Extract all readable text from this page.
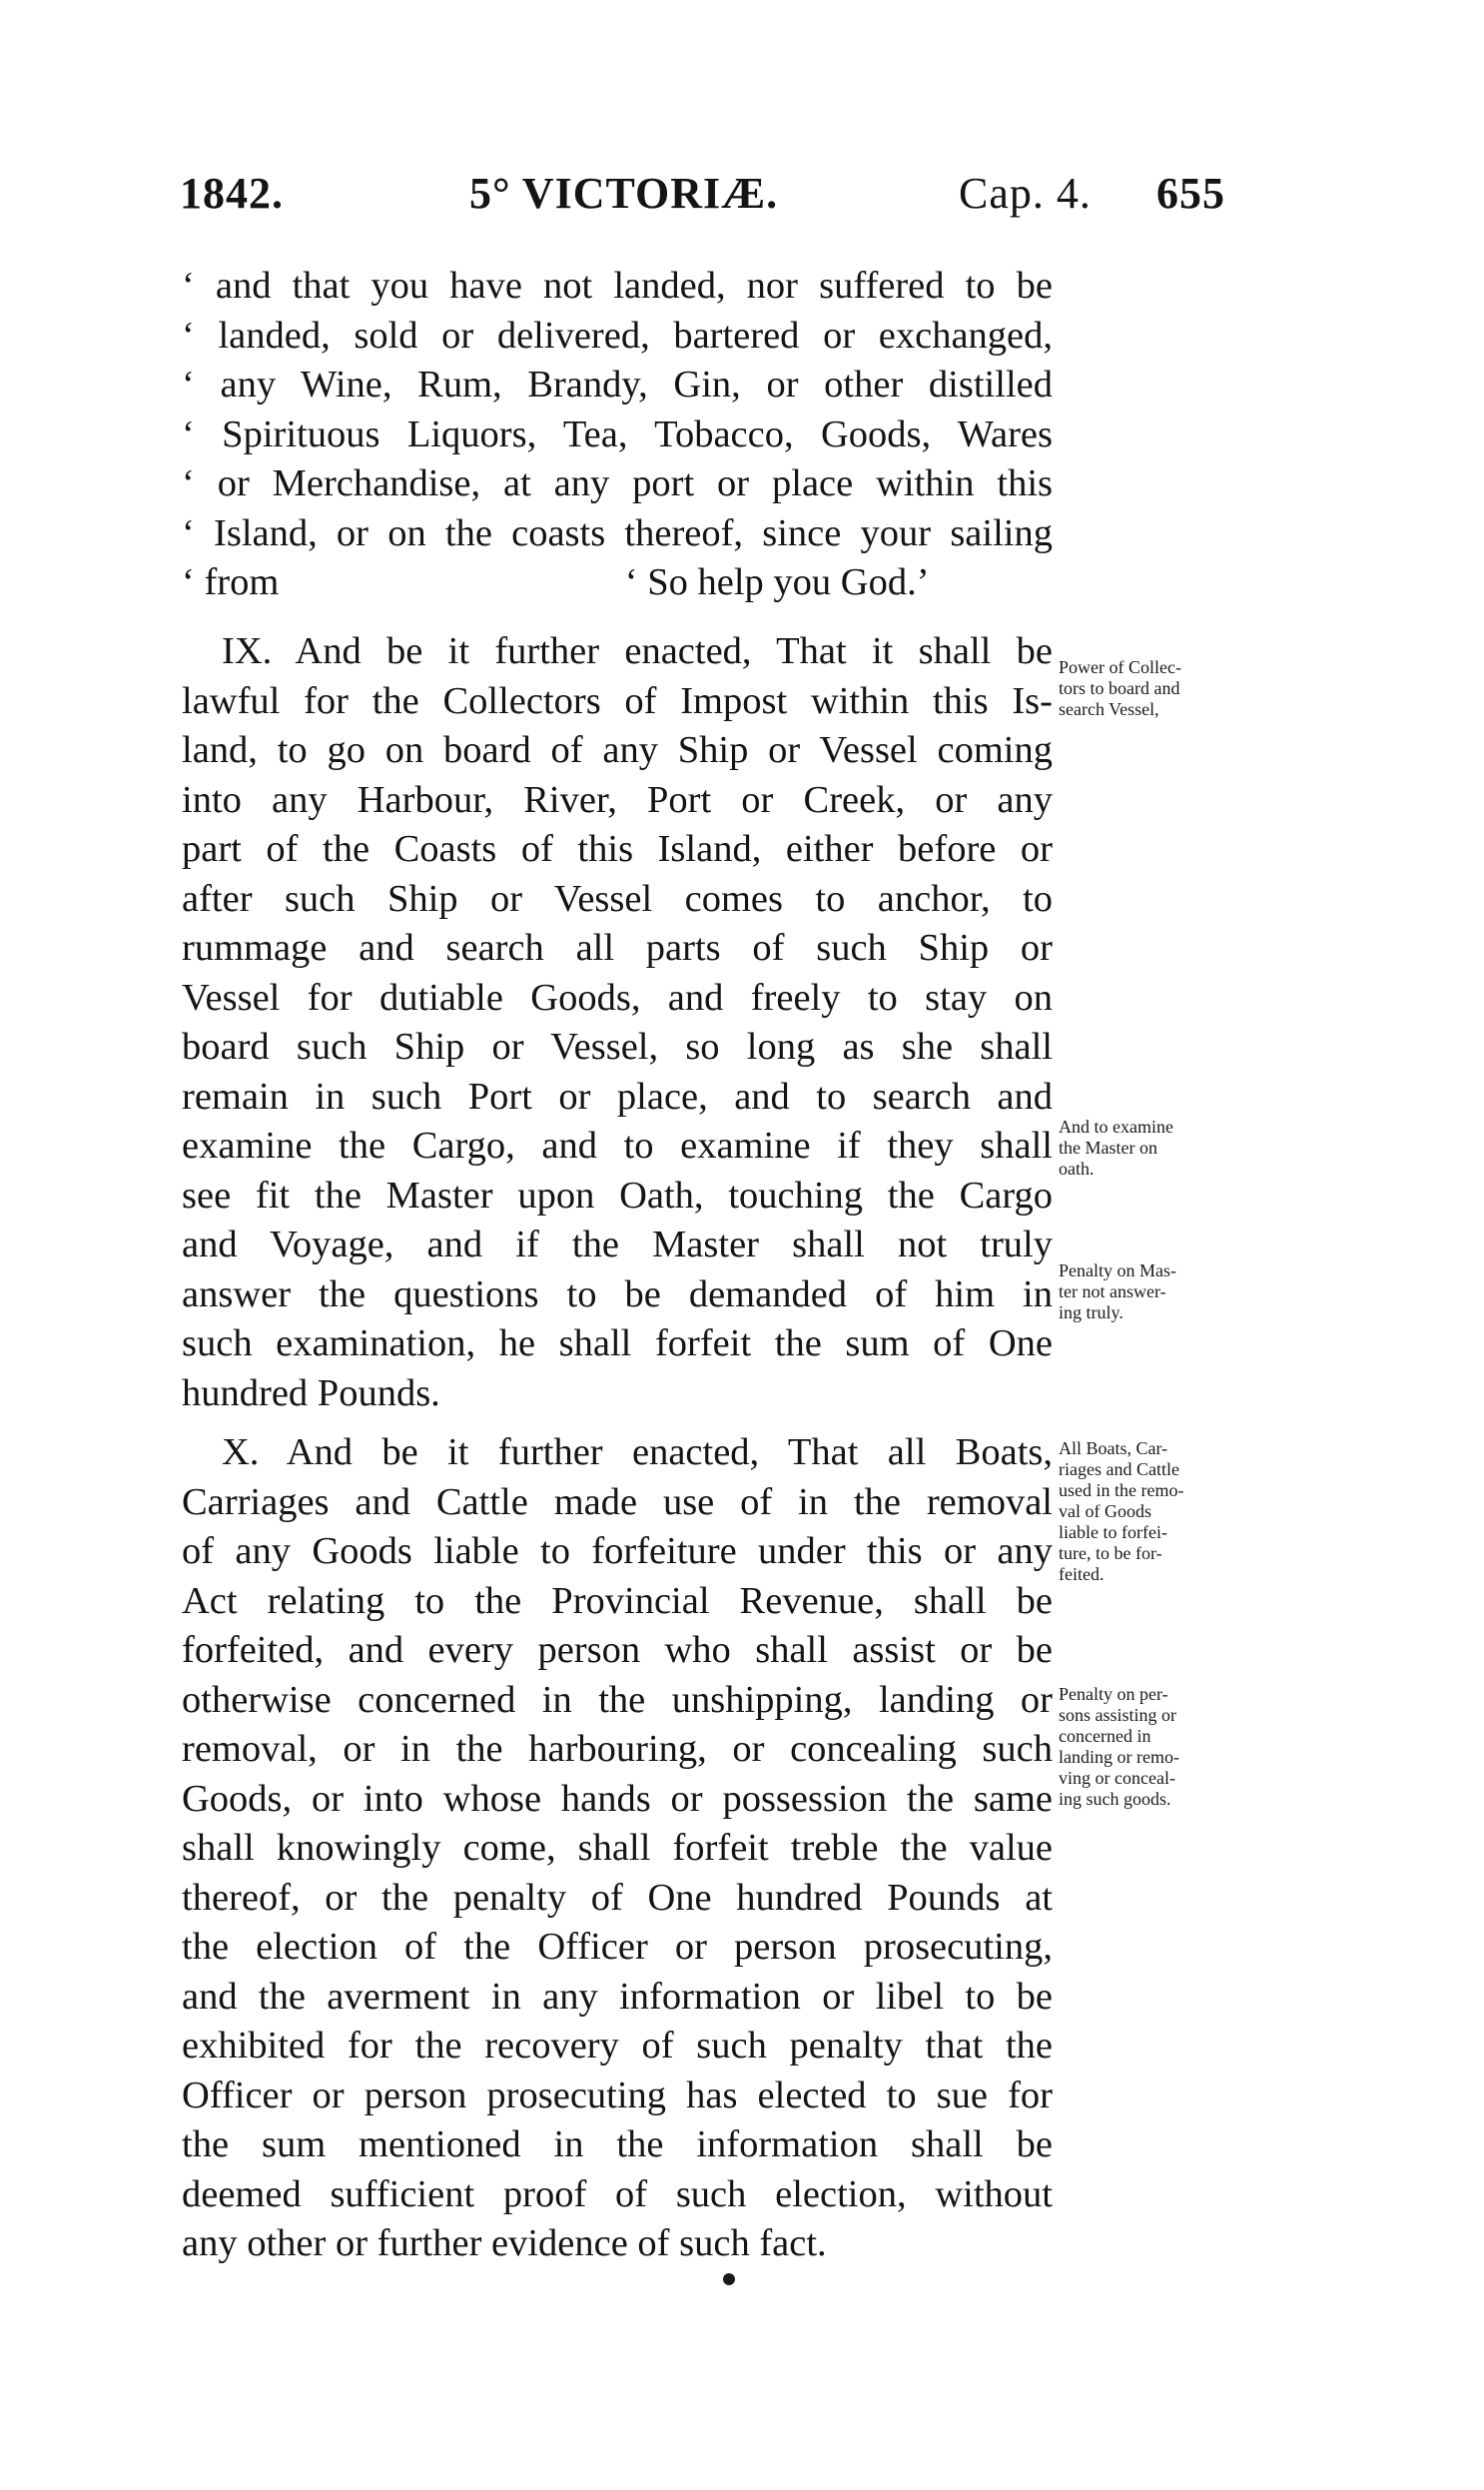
1842.	5° VICTORIÆ.	Cap. 4. 655
‘ and that you have not landed, nor suffered to be
‘ landed, sold or delivered, bartered or exchanged,
‘ any Wine, Rum, Brandy, Gin, or other distilled
‘ Spirituous Liquors, Tea, Tobacco, Goods, Wares
‘ or Merchandise, at any port or place within this
‘ Island, or on the coasts thereof, since your sailing
‘ from                                    ‘ So help you God.’
IX. And be it further enacted, That it shall be
lawful for the Collectors of Impost within this Is-
land, to go on board of any Ship or Vessel coming
into any Harbour, River, Port or Creek, or any
part of the Coasts of this Island, either before or
after such Ship or Vessel comes to anchor, to
rummage and search all parts of such Ship or
Vessel for dutiable Goods, and freely to stay on
board such Ship or Vessel, so long as she shall
remain in such Port or place, and to search and
examine the Cargo, and to examine if they shall
see fit the Master upon Oath, touching the Cargo
and Voyage, and if the Master shall not truly
answer the questions to be demanded of him in
such examination, he shall forfeit the sum of One
hundred Pounds.
Power of Collec-
tors to board and
search Vessel,
And to examine
the Master on
oath.
Penalty on Mas-
ter not answer-
ing truly.
X. And be it further enacted, That all Boats,
Carriages and Cattle made use of in the removal
of any Goods liable to forfeiture under this or any
Act relating to the Provincial Revenue, shall be
forfeited, and every person who shall assist or be
otherwise concerned in the unshipping, landing or
removal, or in the harbouring, or concealing such
Goods, or into whose hands or possession the same
shall knowingly come, shall forfeit treble the value
thereof, or the penalty of One hundred Pounds at
the election of the Officer or person prosecuting,
and the averment in any information or libel to be
exhibited for the recovery of such penalty that the
Officer or person prosecuting has elected to sue for
the sum mentioned in the information shall be
deemed sufficient proof of such election, without
any other or further evidence of such fact.
All Boats, Car-
riages and Cattle
used in the remo-
val of Goods
liable to forfei-
ture, to be for-
feited.
Penalty on per-
sons assisting or
concerned in
landing or remo-
ving or conceal-
ing such goods.
